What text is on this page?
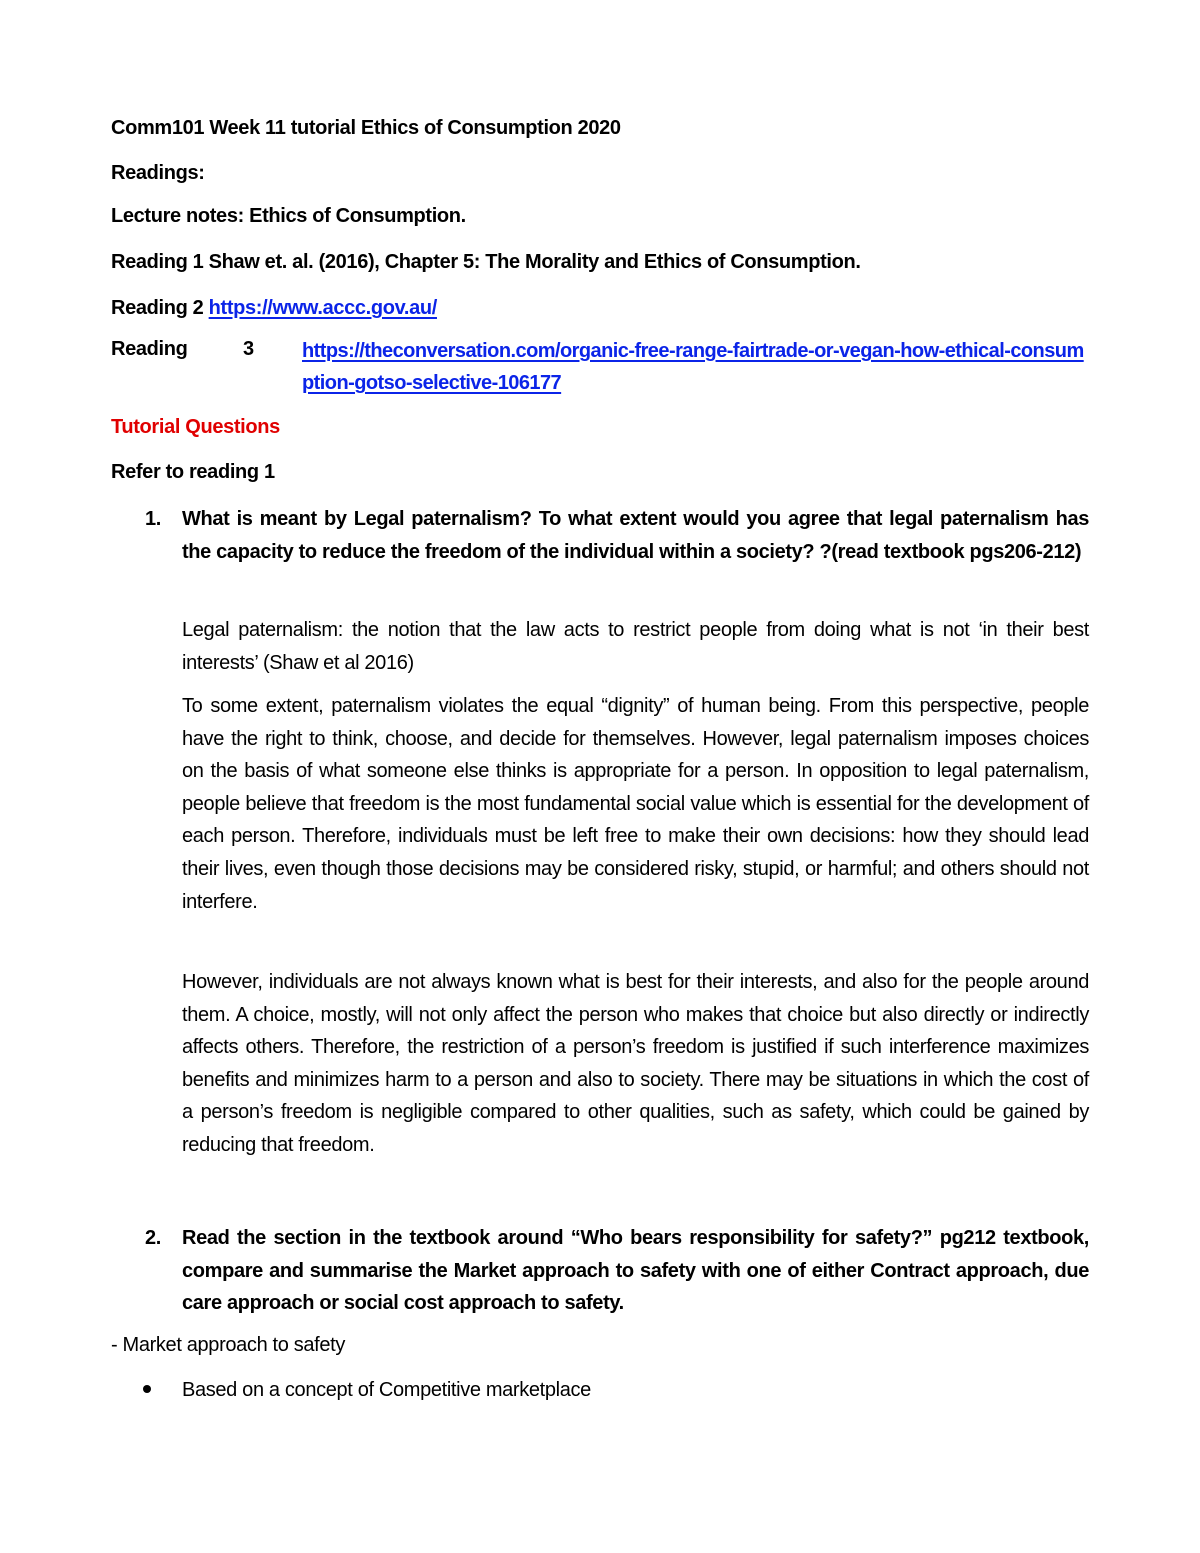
Comm101 Week 11 tutorial Ethics of Consumption 2020
Readings:
Lecture notes: Ethics of Consumption.
Reading 1 Shaw et. al. (2016), Chapter 5: The Morality and Ethics of Consumption.
Reading 2 https://www.accc.gov.au/
Reading	3 https://theconversation.com/organic-free-range-fairtrade-or-vegan-how-ethical-consumption-gotso-selective-106177
Tutorial Questions
Refer to reading 1
1. What is meant by Legal paternalism? To what extent would you agree that legal paternalism has the capacity to reduce the freedom of the individual within a society? ?(read textbook pgs206-212)
Legal paternalism: the notion that the law acts to restrict people from doing what is not ‘in their best interests’ (Shaw et al 2016)
To some extent, paternalism violates the equal “dignity” of human being. From this perspective, people have the right to think, choose, and decide for themselves. However, legal paternalism imposes choices on the basis of what someone else thinks is appropriate for a person. In opposition to legal paternalism, people believe that freedom is the most fundamental social value which is essential for the development of each person. Therefore, individuals must be left free to make their own decisions: how they should lead their lives, even though those decisions may be considered risky, stupid, or harmful; and others should not interfere.
However, individuals are not always known what is best for their interests, and also for the people around them. A choice, mostly, will not only affect the person who makes that choice but also directly or indirectly affects others. Therefore, the restriction of a person’s freedom is justified if such interference maximizes benefits and minimizes harm to a person and also to society. There may be situations in which the cost of a person’s freedom is negligible compared to other qualities, such as safety, which could be gained by reducing that freedom.
2. Read the section in the textbook around “Who bears responsibility for safety?” pg212 textbook, compare and summarise the Market approach to safety with one of either Contract approach, due care approach or social cost approach to safety.
- Market approach to safety
Based on a concept of Competitive marketplace
